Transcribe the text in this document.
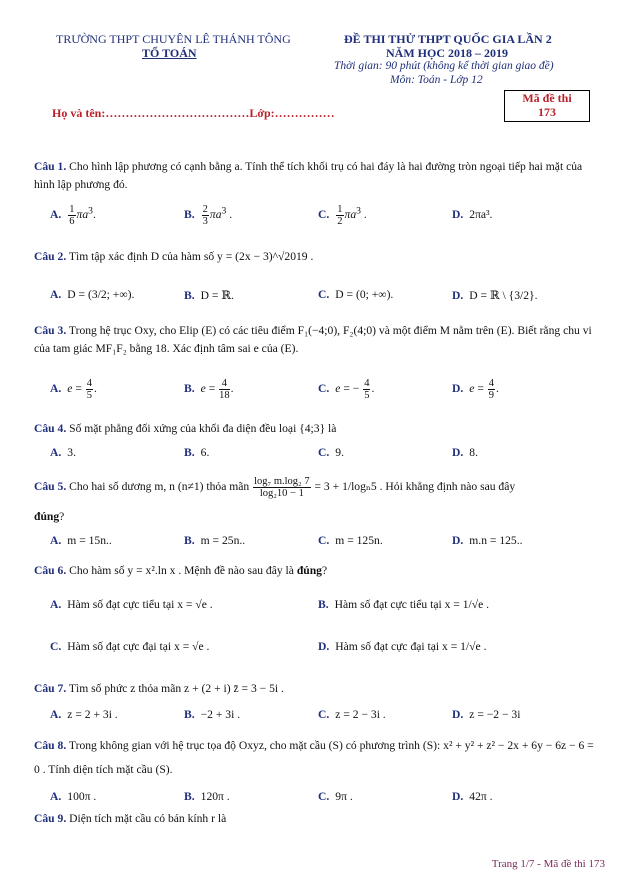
TRƯỜNG THPT CHUYÊN LÊ THÁNH TÔNG
TỔ TOÁN
ĐỀ THI THỬ THPT QUỐC GIA LẦN 2
NĂM HỌC 2018 – 2019
Thời gian: 90 phút (không kể thời gian giao đề)
Môn: Toán - Lớp 12
Họ và tên:………………………………Lớp:……………
Mã đề thi
173
Câu 1. Cho hình lập phương có cạnh bằng a. Tính thể tích khối trụ có hai đáy là hai đường tròn ngoại tiếp hai mặt của hình lập phương đó.
A. $\frac{1}{6} \pi a^3$.	B. $\frac{2}{3} \pi a^3$ .	C. $\frac{1}{2} \pi a^3$ .	D. 2πa³.
Câu 2. Tìm tập xác định D của hàm số y = (2x − 3)^√2019 .
A. D = (3/2; +∞).	B. D = ℝ.	C. D = (0; +∞).	D. D = ℝ \ {3/2}.
Câu 3. Trong hệ trục Oxy, cho Elip (E) có các tiêu điểm F₁(−4;0), F₂(4;0) và một điểm M nằm trên (E). Biết rằng chu vi của tam giác MF₁F₂ bằng 18. Xác định tâm sai e của (E).
A. $e = \frac{4}{5}$ .	B. $e = \frac{4}{18}$ .	C. e = − $\frac{4}{5}$ .	D. $e = \frac{4}{9}$ .
Câu 4. Số mặt phẳng đối xứng của khối đa diện đều loại {4;3} là
A. 3.	B. 6.	C. 9.	D. 8.
Câu 5. Cho hai số dương m, n (n≠1) thỏa mãn $\frac{\text{log₇ m.log₂ 7}}{\text{log₂10 − 1}} = 3 + 1/\log_n5$ . Hỏi khẳng định nào sau đây
đúng?
A. m = 15n..	B. m = 25n..	C. m = 125n.	D. m.n = 125..
Câu 6. Cho hàm số y = x².ln x . Mệnh đề nào sau đây là đúng?
A. Hàm số đạt cực tiểu tại x = √e .	B. Hàm số đạt cực tiểu tại x = 1/√e .
C. Hàm số đạt cực đại tại x = √e .	D. Hàm số đạt cực đại tại x = 1/√e .
Câu 7. Tìm số phức z thỏa mãn z + (2 + i) z̄ = 3 − 5i .
A. z = 2 + 3i .	B. −2 + 3i .	C. z = 2 − 3i .	D. z = −2 − 3i
Câu 8. Trong không gian với hệ trục tọa độ Oxyz, cho mặt cầu (S) có phương trình (S): x² + y² + z² − 2x + 6y − 6z − 6 = 0 . Tính diện tích mặt cầu (S).
A. 100π .	B. 120π .	C. 9π .	D. 42π .
Câu 9. Diện tích mặt cầu có bán kính r là
Trang 1/7 - Mã đề thi 173
